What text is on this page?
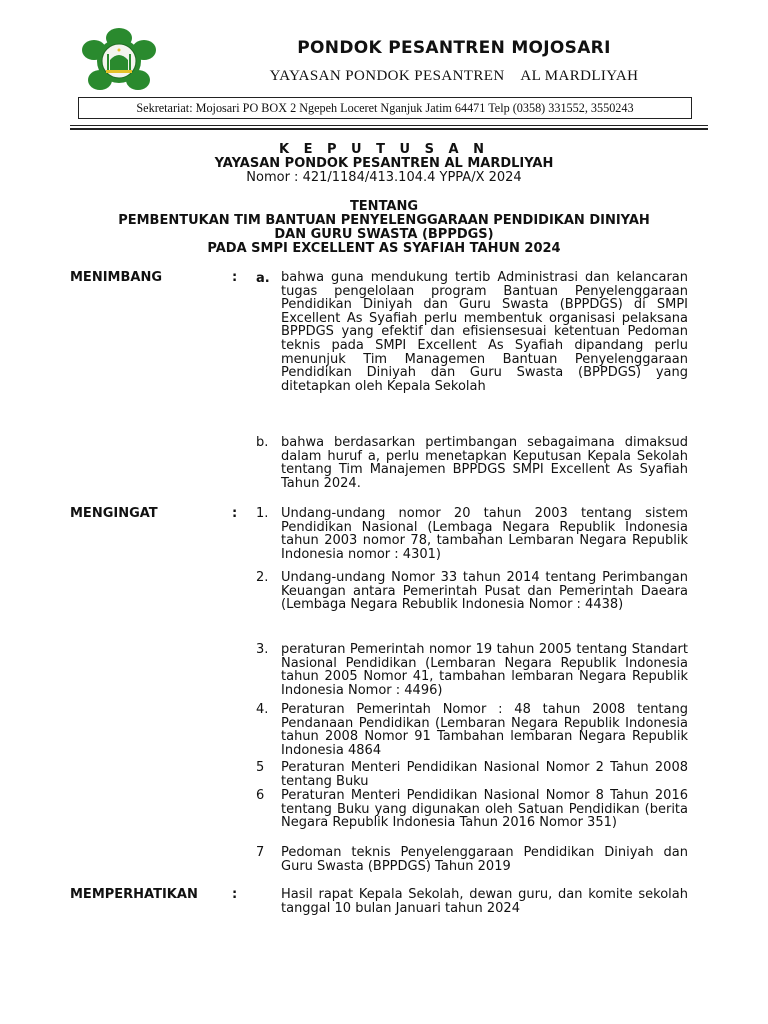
PONDOK PESANTREN MOJOSARI
YAYASAN PONDOK PESANTREN    AL MARDLIYAH
Sekretariat: Mojosari PO BOX 2 Ngepeh Loceret Nganjuk Jatim 64471 Telp (0358) 331552, 3550243
K E P U T U S A N
YAYASAN PONDOK PESANTREN AL MARDLIYAH
Nomor : 421/1184/413.104.4 YPPA/X 2024
TENTANG
PEMBENTUKAN TIM BANTUAN PENYELENGGARAAN PENDIDIKAN DINIYAH
DAN GURU SWASTA (BPPDGS)
PADA SMPI EXCELLENT AS SYAFIAH TAHUN 2024
MENIMBANG	: a. bahwa guna mendukung tertib Administrasi dan kelancaran tugas pengelolaan program Bantuan Penyelenggaraan Pendidikan Diniyah dan Guru Swasta (BPPDGS) di SMPI Excellent As Syafiah perlu membentuk organisasi pelaksana BPPDGS yang efektif dan efisiensesuai ketentuan Pedoman teknis pada SMPI Excellent As Syafiah dipandang perlu menunjuk Tim Managemen Bantuan Penyelenggaraan Pendidikan Diniyah dan Guru Swasta (BPPDGS) yang ditetapkan oleh Kepala Sekolah
b. bahwa berdasarkan pertimbangan sebagaimana dimaksud dalam huruf a, perlu menetapkan Keputusan Kepala Sekolah tentang Tim Manajemen BPPDGS SMPI Excellent As Syafiah Tahun 2024.
MENGINGAT	: 1. Undang-undang nomor 20 tahun 2003 tentang sistem Pendidikan Nasional (Lembaga Negara Republik Indonesia tahun 2003 nomor 78, tambahan Lembaran Negara Republik Indonesia nomor : 4301)
2. Undang-undang Nomor 33 tahun 2014 tentang Perimbangan Keuangan antara Pemerintah Pusat dan Pemerintah Daeara (Lembaga Negara Rebublik Indonesia Nomor : 4438)
3. peraturan Pemerintah nomor 19 tahun 2005 tentang Standart Nasional Pendidikan (Lembaran Negara Republik Indonesia tahun 2005 Nomor 41, tambahan lembaran Negara Republik Indonesia Nomor : 4496)
4. Peraturan Pemerintah Nomor : 48 tahun 2008 tentang Pendanaan Pendidikan (Lembaran Negara Republik Indonesia tahun 2008 Nomor 91 Tambahan lembaran Negara Republik Indonesia 4864
5 Peraturan Menteri Pendidikan Nasional Nomor 2 Tahun 2008 tentang Buku
6 Peraturan Menteri Pendidikan Nasional Nomor 8 Tahun 2016 tentang Buku yang digunakan oleh Satuan Pendidikan (berita Negara Republik Indonesia Tahun 2016 Nomor 351)
7 Pedoman teknis Penyelenggaraan Pendidikan Diniyah dan Guru Swasta (BPPDGS) Tahun 2019
MEMPERHATIKAN	:	Hasil rapat Kepala Sekolah, dewan guru, dan komite sekolah tanggal 10 bulan Januari tahun 2024
